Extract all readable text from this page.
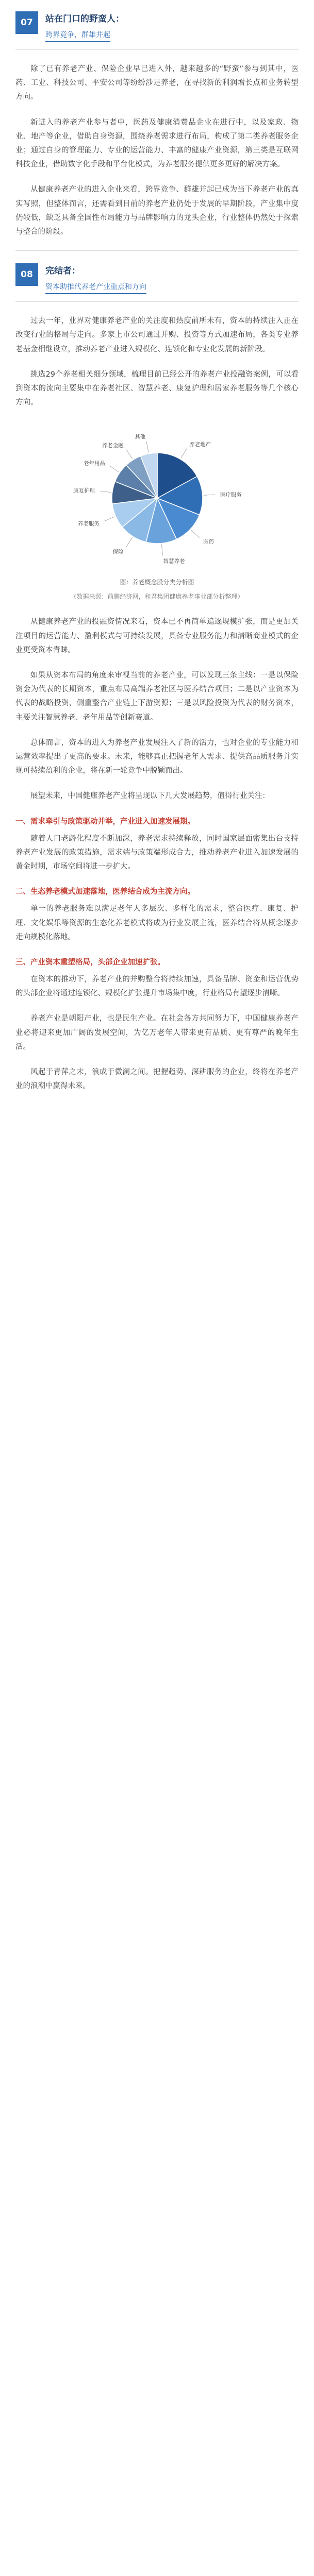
07	站在门口的野蛮人：
跨界竞争，群雄并起

除了已有养老产业、保险企业早已进入外，越来越多的“野蛮”参与到其中，医药、工业、科技公司、平安公司等纷纷涉足养老，在寻找新的利润增长点和业务转型方向。

新进入的养老产业参与者中，医药及健康消费品企业在进行中，以及家政、物业、地产等企业，借助自身资源，围绕养老需求进行布局，构成了第二类养老服务企业；通过自身的管理能力、专业的运营能力、丰富的健康产业资源，第三类是互联网科技企业，借助数字化手段和平台化模式，为养老服务提供更多更好的解决方案。

从健康养老产业的进入企业来看，跨界竞争、群雄并起已成为当下养老产业的真实写照，但整体而言，还需看到目前的养老产业仍处于发展的早期阶段，产业集中度仍较低，缺乏具备全国性布局能力与品牌影响力的龙头企业，行业整体仍然处于探索与整合的阶段。

08	完结者：
资本助推代养老产业重点和方向

过去一年，业界对健康养老产业的关注度和热度前所未有，资本的持续注入正在改变行业的格局与走向。多家上市公司通过并购、投资等方式加速布局，各类专业养老基金相继设立，推动养老产业进入规模化、连锁化和专业化发展的新阶段。

挑选29个养老相关细分领域，梳理目前已经公开的养老产业投融资案例，可以看到资本的流向主要集中在养老社区、智慧养老、康复护理和居家养老服务等几个核心方向。

养老地产
医疗服务
医药
智慧养老
保险
养老服务
康复护理
老年用品
养老金融
其他
图：养老概念股分类分析图
（数据来源：前瞻经济网，和君集团健康养老事业部分析整理）

从健康养老产业的投融资情况来看，资本已不再简单追逐规模扩张，而是更加关注项目的运营能力、盈利模式与可持续发展，具备专业服务能力和清晰商业模式的企业更受资本青睐。

如果从资本布局的角度来审视当前的养老产业，可以发现三条主线：一是以保险资金为代表的长期资本，重点布局高端养老社区与医养结合项目；二是以产业资本为代表的战略投资，侧重整合产业链上下游资源；三是以风险投资为代表的财务资本，主要关注智慧养老、老年用品等创新赛道。

总体而言，资本的进入为养老产业发展注入了新的活力，也对企业的专业能力和运营效率提出了更高的要求。未来，能够真正把握老年人需求、提供高品质服务并实现可持续盈利的企业，将在新一轮竞争中脱颖而出。

展望未来，中国健康养老产业将呈现以下几大发展趋势，值得行业关注：

一、需求牵引与政策驱动并举，产业进入加速发展期。

随着人口老龄化程度不断加深，养老需求持续释放，同时国家层面密集出台支持养老产业发展的政策措施，需求端与政策端形成合力，推动养老产业进入加速发展的黄金时期，市场空间将进一步扩大。

二、生态养老模式加速落地，医养结合成为主流方向。

单一的养老服务难以满足老年人多层次、多样化的需求，整合医疗、康复、护理、文化娱乐等资源的生态化养老模式将成为行业发展主流，医养结合将从概念逐步走向规模化落地。

三、产业资本重塑格局，头部企业加速扩张。

在资本的推动下，养老产业的并购整合将持续加速，具备品牌、资金和运营优势的头部企业将通过连锁化、规模化扩张提升市场集中度，行业格局有望逐步清晰。

养老产业是朝阳产业，也是民生产业。在社会各方共同努力下，中国健康养老产业必将迎来更加广阔的发展空间，为亿万老年人带来更有品质、更有尊严的晚年生活。

风起于青萍之末，浪成于微澜之间。把握趋势、深耕服务的企业，终将在养老产业的浪潮中赢得未来。
